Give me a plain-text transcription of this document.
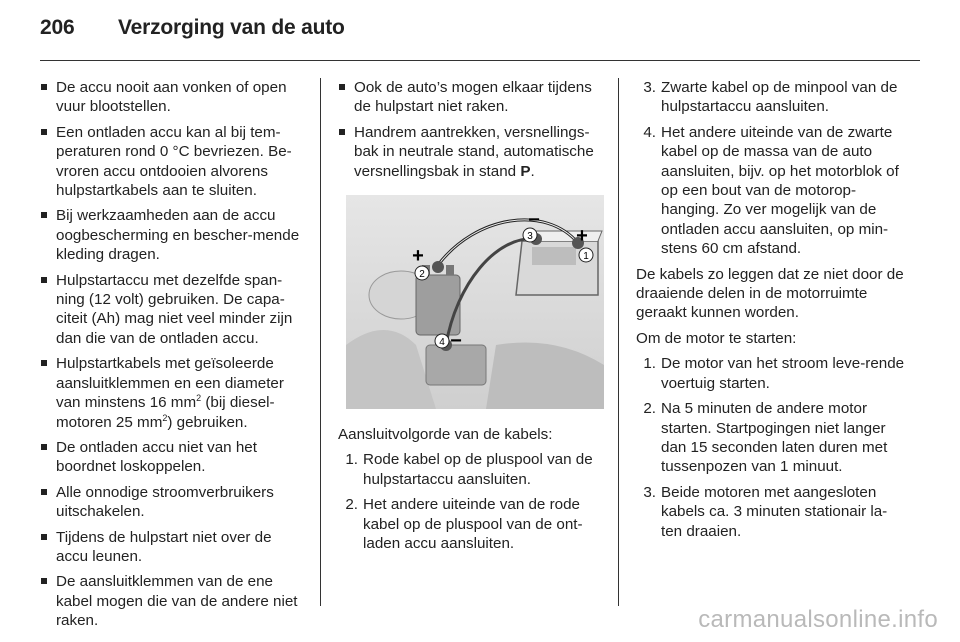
206 Verzorging van de auto
De accu nooit aan vonken of open vuur blootstellen.
Een ontladen accu kan al bij tem-peraturen rond 0 °C bevriezen. Be-vroren accu ontdooien alvorens hulpstartkabels aan te sluiten.
Bij werkzaamheden aan de accu oogbescherming en bescher-mende kleding dragen.
Hulpstartaccu met dezelfde span-ning (12 volt) gebruiken. De capa-citeit (Ah) mag niet veel minder zijn dan die van de ontladen accu.
Hulpstartkabels met geïsoleerde aansluitklemmen en een diameter van minstens 16 $mm^2$ (bij diesel-motoren 25 $mm^2$) gebruiken.
De ontladen accu niet van het boordnet loskoppelen.
Alle onnodige stroomverbruikers uitschakelen.
Tijdens de hulpstart niet over de accu leunen.
De aansluitklemmen van de ene kabel mogen die van de andere niet raken.
Ook de auto’s mogen elkaar tijdens de hulpstart niet raken.
Handrem aantrekken, versnellings-bak in neutrale stand, automatische versnellingsbak in stand P.
1
2
3
4
+
−
+
−

Aansluitvolgorde van de kabels:

1. Rode kabel op de pluspool van de hulpstartaccu aansluiten.
2. Het andere uiteinde van de rode kabel op de pluspool van de ont-laden accu aansluiten.
3. Zwarte kabel op de minpool van de hulpstartaccu aansluiten.
4. Het andere uiteinde van de zwarte kabel op de massa van de auto aansluiten, bijv. op het motorblok of op een bout van de motorop-hanging. Zo ver mogelijk van de ontladen accu aansluiten, op min-stens 60 cm afstand.

De kabels zo leggen dat ze niet door de draaiende delen in de motorruimte geraakt kunnen worden.

Om de motor te starten:

1. De motor van het stroom leve-rende voertuig starten.
2. Na 5 minuten de andere motor starten. Startpogingen niet langer dan 15 seconden laten duren met tussenpozen van 1 minuut.
3. Beide motoren met aangesloten kabels ca. 3 minuten stationair la-ten draaien.
carmanualsonline.info
